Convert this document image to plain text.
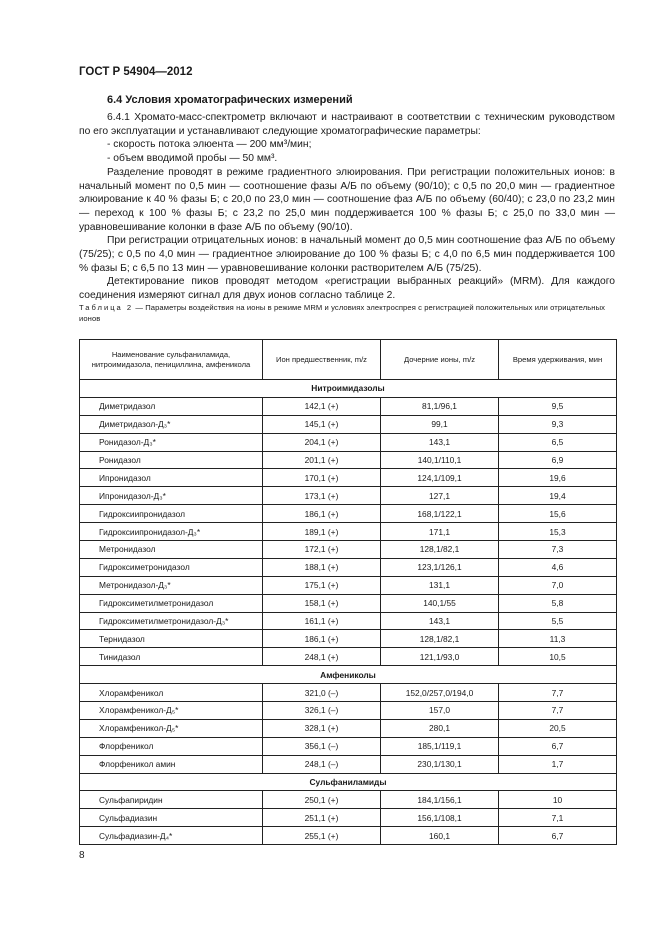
ГОСТ Р 54904—2012
6.4 Условия хроматографических измерений

6.4.1 Хромато-масс-спектрометр включают и настраивают в соответствии с техническим руководством по его эксплуатации и устанавливают следующие хроматографические параметры:

- скорость потока элюента — 200 мм³/мин;

- объем вводимой пробы — 50 мм³.

Разделение проводят в режиме градиентного элюирования. При регистрации положительных ионов: в начальный момент по 0,5 мин — соотношение фазы А/Б по объему (90/10); с 0,5 по 20,0 мин — градиентное элюирование к 40 % фазы Б; с 20,0 по 23,0 мин — соотношение фаз А/Б по объему (60/40); с 23,0 по 23,2 мин — переход к 100 % фазы Б; с 23,2 по 25,0 мин поддерживается 100 % фазы Б; с 25,0 по 33,0 мин — уравновешивание колонки в фазе А/Б по объему (90/10).

При регистрации отрицательных ионов: в начальный момент до 0,5 мин соотношение фаз А/Б по объему (75/25); с 0,5 по 4,0 мин — градиентное элюирование до 100 % фазы Б; с 4,0 по 6,5 мин поддерживается 100 % фазы Б; с 6,5 по 13 мин — уравновешивание колонки растворителем А/Б (75/25).

Детектирование пиков проводят методом «регистрации выбранных реакций» (MRM). Для каждого соединения измеряют сигнал для двух ионов согласно таблице 2.

Таблица 2 — Параметры воздействия на ионы в режиме MRM и условиях электроспрея с регистрацией положительных или отрицательных ионов
Наименование сульфаниламидa, нитроимидазола, пенициллина, амфеникола	Ион предшественник, m/z	Дочерние ионы, m/z	Время удерживания, мин
Нитроимидазолы			
Диметридазол	142,1 (+)	81,1/96,1	9,5
Диметридазол-Д₃*	145,1 (+)	99,1	9,3
Ронидазол-Д₃*	204,1 (+)	143,1	6,5
Ронидазол	201,1 (+)	140,1/110,1	6,9
Ипронидазол	170,1 (+)	124,1/109,1	19,6
Ипронидазол-Д₃*	173,1 (+)	127,1	19,4
Гидроксиипронидазол	186,1 (+)	168,1/122,1	15,6
Гидроксиипронидазол-Д₃*	189,1 (+)	171,1	15,3
Метронидазол	172,1 (+)	128,1/82,1	7,3
Гидроксиметронидазол	188,1 (+)	123,1/126,1	4,6
Метронидазол-Д₃*	175,1 (+)	131,1	7,0
Гидроксиметилметронидазол	158,1 (+)	140,1/55	5,8
Гидроксиметилметронидазол-Д₃*	161,1 (+)	143,1	5,5
Тернидазол	186,1 (+)	128,1/82,1	11,3
Тинидазол	248,1 (+)	121,1/93,0	10,5
Амфениколы			
Хлорамфеникол	321,0 (–)	152,0/257,0/194,0	7,7
Хлорамфеникол-Д₅*	326,1 (–)	157,0	7,7
Хлорамфеникол-Д₅*	328,1 (+)	280,1	20,5
Флорфеникол	356,1 (–)	185,1/119,1	6,7
Флорфеникол амин	248,1 (–)	230,1/130,1	1,7
Сульфаниламиды			
Сульфапиридин	250,1 (+)	184,1/156,1	10
Сульфадиазин	251,1 (+)	156,1/108,1	7,1
Сульфадиазин-Д₄*	255,1 (+)	160,1	6,7
8
